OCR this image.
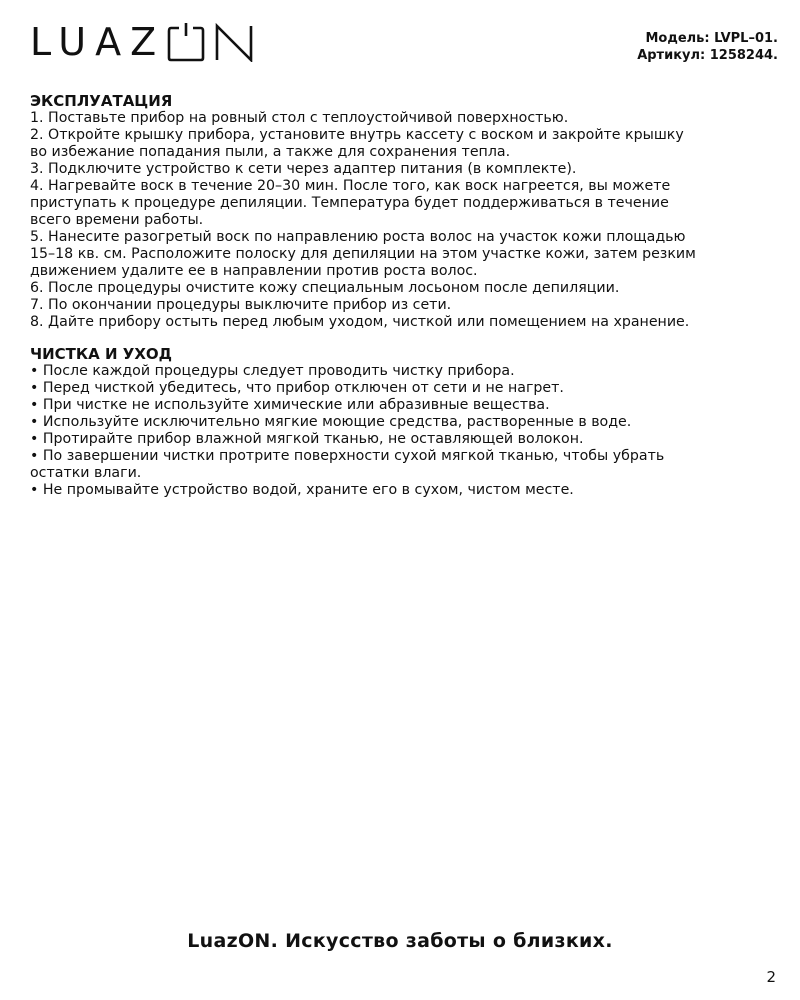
LUAZ	Модель: LVPL–01.
Артикул: 1258244.

ЭКСПЛУАТАЦИЯ

1. Поставьте прибор на ровный стол с теплоустойчивой поверхностью.

2. Откройте крышку прибора, установите внутрь кассету с воском и закройте крышку

во избежание попадания пыли, а также для сохранения тепла.

3. Подключите устройство к сети через адаптер питания (в комплекте).

4. Нагревайте воск в течение 20–30 мин. После того, как воск нагреется, вы можете

приступать к процедуре депиляции. Температура будет поддерживаться в течение

всего времени работы.

5. Нанесите разогретый воск по направлению роста волос на участок кожи площадью

15–18 кв. см. Расположите полоску для депиляции на этом участке кожи, затем резким

движением удалите ее в направлении против роста волос.

6. После процедуры очистите кожу специальным лосьоном после депиляции.

7. По окончании процедуры выключите прибор из сети.

8. Дайте прибору остыть перед любым уходом, чисткой или помещением на хранение.

ЧИСТКА И УХОД

• После каждой процедуры следует проводить чистку прибора.

• Перед чисткой убедитесь, что прибор отключен от сети и не нагрет.

• При чистке не используйте химические или абразивные вещества.

• Используйте исключительно мягкие моющие средства, растворенные в воде.

• Протирайте прибор влажной мягкой тканью, не оставляющей волокон.

• По завершении чистки протрите поверхности сухой мягкой тканью, чтобы убрать

остатки влаги.

• Не промывайте устройство водой, храните его в сухом, чистом месте.

LuazON. Искусство заботы о близких.
2
